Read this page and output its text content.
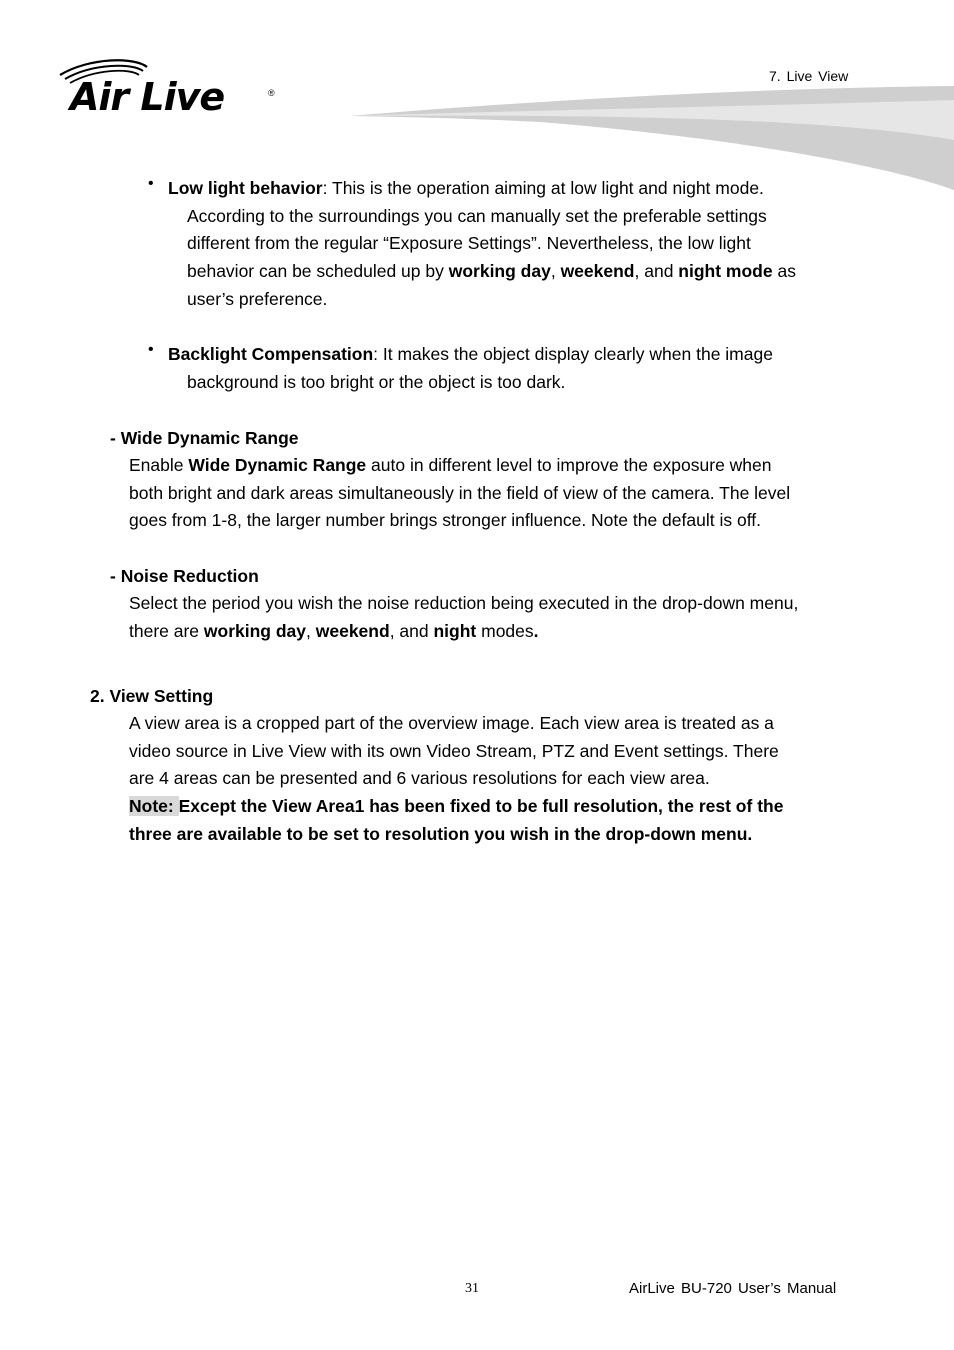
Air Live	®
7. Live View
• Low light behavior: This is the operation aiming at low light and night mode.

According to the surroundings you can manually set the preferable settings

different from the regular “Exposure Settings”. Nevertheless, the low light

behavior can be scheduled up by working day, weekend, and night mode as

user’s preference.

• Backlight Compensation: It makes the object display clearly when the image

background is too bright or the object is too dark.

- Wide Dynamic Range

Enable Wide Dynamic Range auto in different level to improve the exposure when

both bright and dark areas simultaneously in the field of view of the camera. The level

goes from 1-8, the larger number brings stronger influence. Note the default is off.

- Noise Reduction

Select the period you wish the noise reduction being executed in the drop-down menu,

there are working day, weekend, and night modes.

2. View Setting

A view area is a cropped part of the overview image. Each view area is treated as a

video source in Live View with its own Video Stream, PTZ and Event settings. There

are 4 areas can be presented and 6 various resolutions for each view area.

Note: Except the View Area1 has been fixed to be full resolution, the rest of the

three are available to be set to resolution you wish in the drop-down menu.

31	AirLive BU-720 User’s Manual
